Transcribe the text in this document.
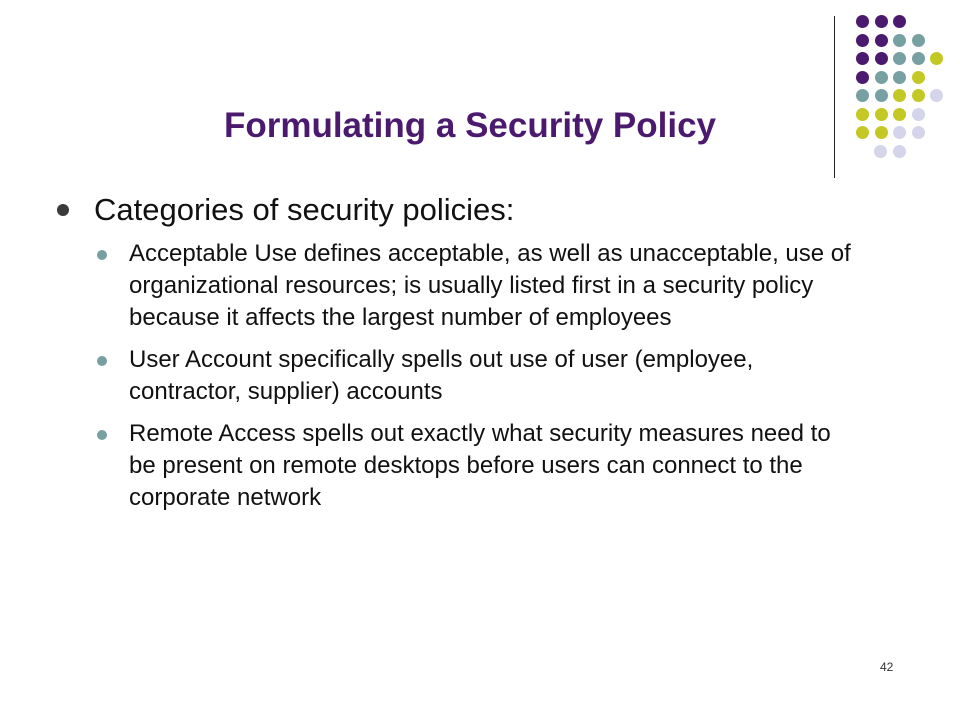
Formulating a Security Policy
Categories of security policies:
Acceptable Use defines acceptable, as well as unacceptable, use of organizational resources; is usually listed first in a security policy because it affects the largest number of employees
User Account specifically spells out use of user (employee, contractor, supplier) accounts
Remote Access spells out exactly what security measures need to be present on remote desktops before users can connect to the corporate network
42
